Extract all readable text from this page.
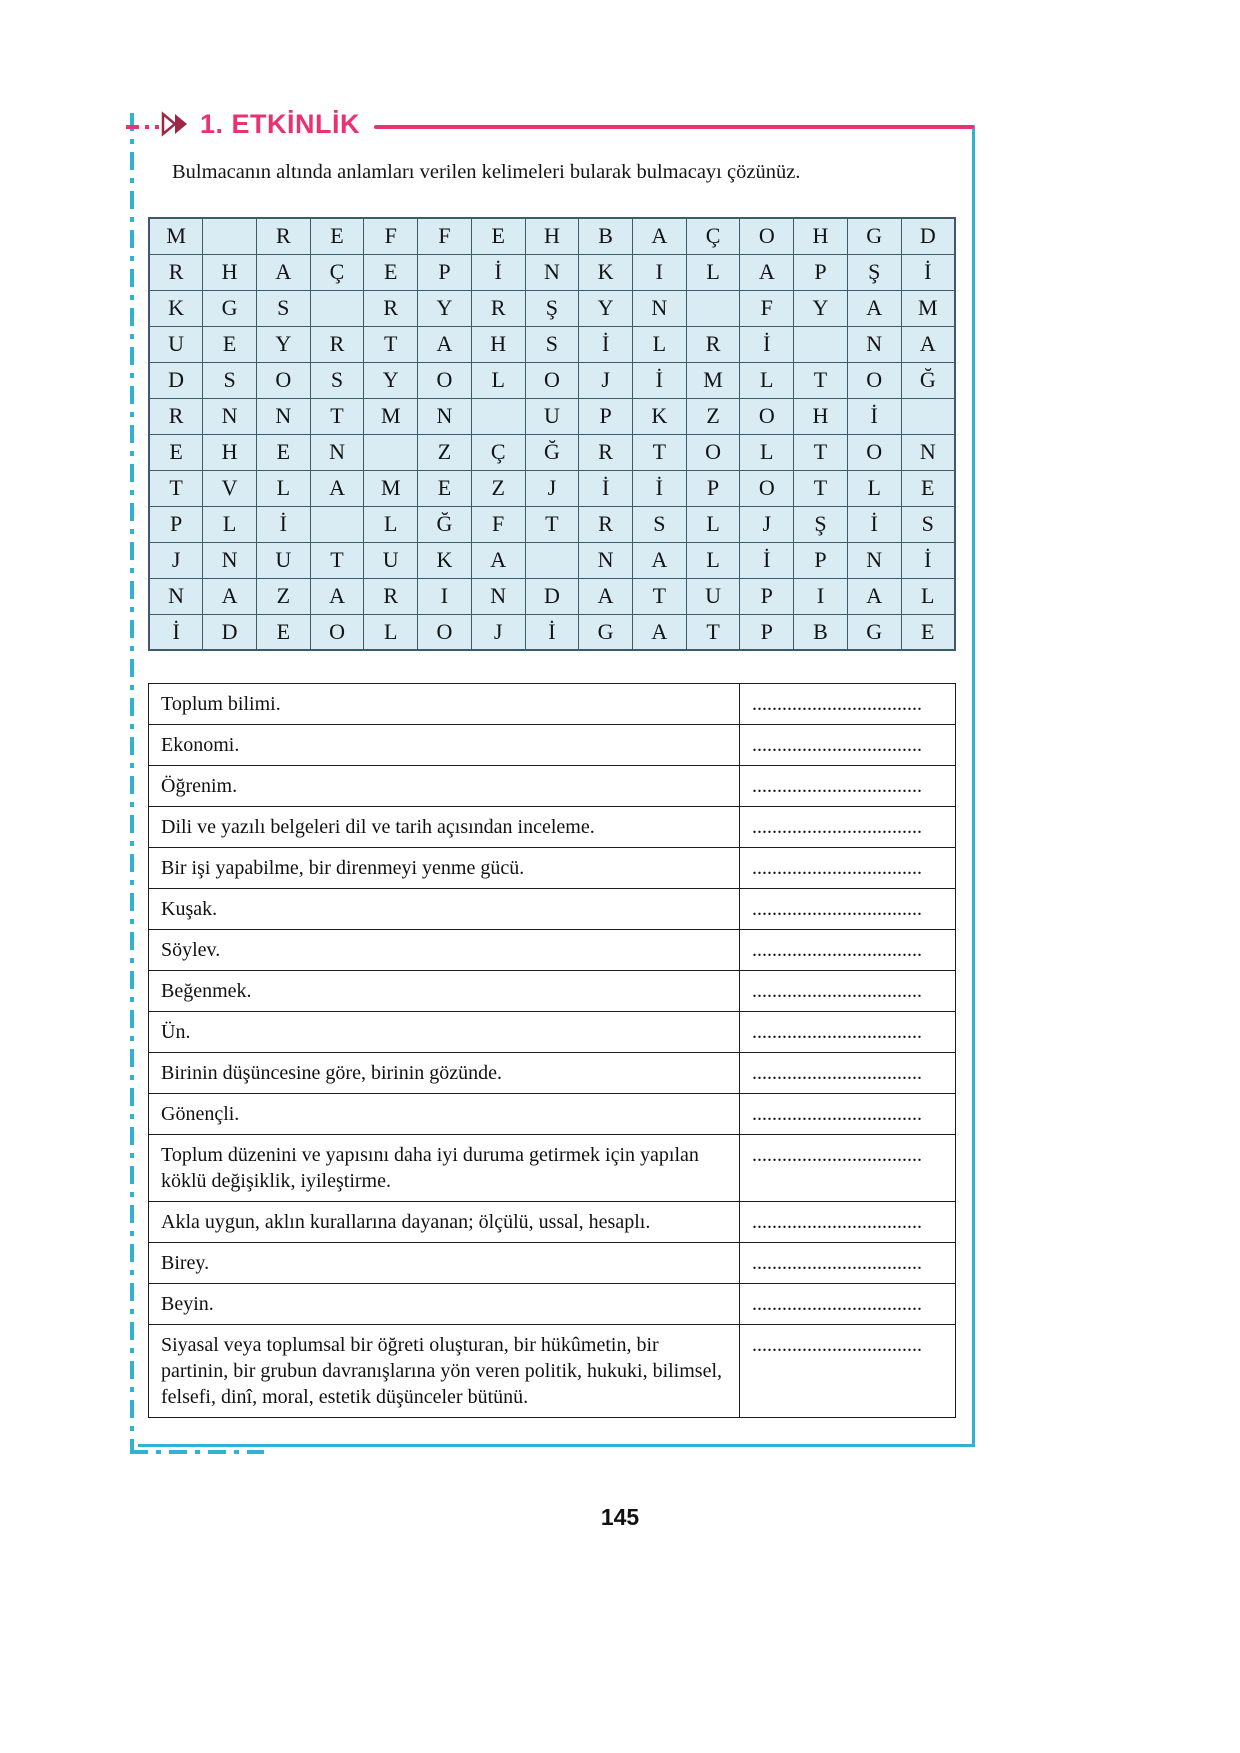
1. ETKİNLİK

Bulmacanın altında anlamları verilen kelimeleri bularak bulmacayı çözünüz.

M		R	E	F	F	E	H	B	A	Ç	O	H	G	D
R	H	A	Ç	E	P	İ	N	K	I	L	A	P	Ş	İ
K	G	S		R	Y	R	Ş	Y	N		F	Y	A	M
U	E	Y	R	T	A	H	S	İ	L	R	İ		N	A
D	S	O	S	Y	O	L	O	J	İ	M	L	T	O	Ğ
R	N	N	T	M	N		U	P	K	Z	O	H	İ	
E	H	E	N		Z	Ç	Ğ	R	T	O	L	T	O	N
T	V	L	A	M	E	Z	J	İ	İ	P	O	T	L	E
P	L	İ		L	Ğ	F	T	R	S	L	J	Ş	İ	S
J	N	U	T	U	K	A		N	A	L	İ	P	N	İ
N	A	Z	A	R	I	N	D	A	T	U	P	I	A	L
İ	D	E	O	L	O	J	İ	G	A	T	P	B	G	E
Toplum bilimi.	..................................
Ekonomi.	..................................
Öğrenim.	..................................
Dili ve yazılı belgeleri dil ve tarih açısından inceleme.	..................................
Bir işi yapabilme, bir direnmeyi yenme gücü.	..................................
Kuşak.	..................................
Söylev.	..................................
Beğenmek.	..................................
Ün.	..................................
Birinin düşüncesine göre, birinin gözünde.	..................................
Gönençli.	..................................
Toplum düzenini ve yapısını daha iyi duruma getirmek için yapılan köklü değişiklik, iyileştirme.	..................................
Akla uygun, aklın kurallarına dayanan; ölçülü, ussal, hesaplı.	..................................
Birey.	..................................
Beyin.	..................................
Siyasal veya toplumsal bir öğreti oluşturan, bir hükûmetin, bir partinin, bir grubun davranışlarına yön veren politik, hukuki, bilimsel, felsefi, dinî, moral, estetik düşünceler bütünü.	..................................
145
